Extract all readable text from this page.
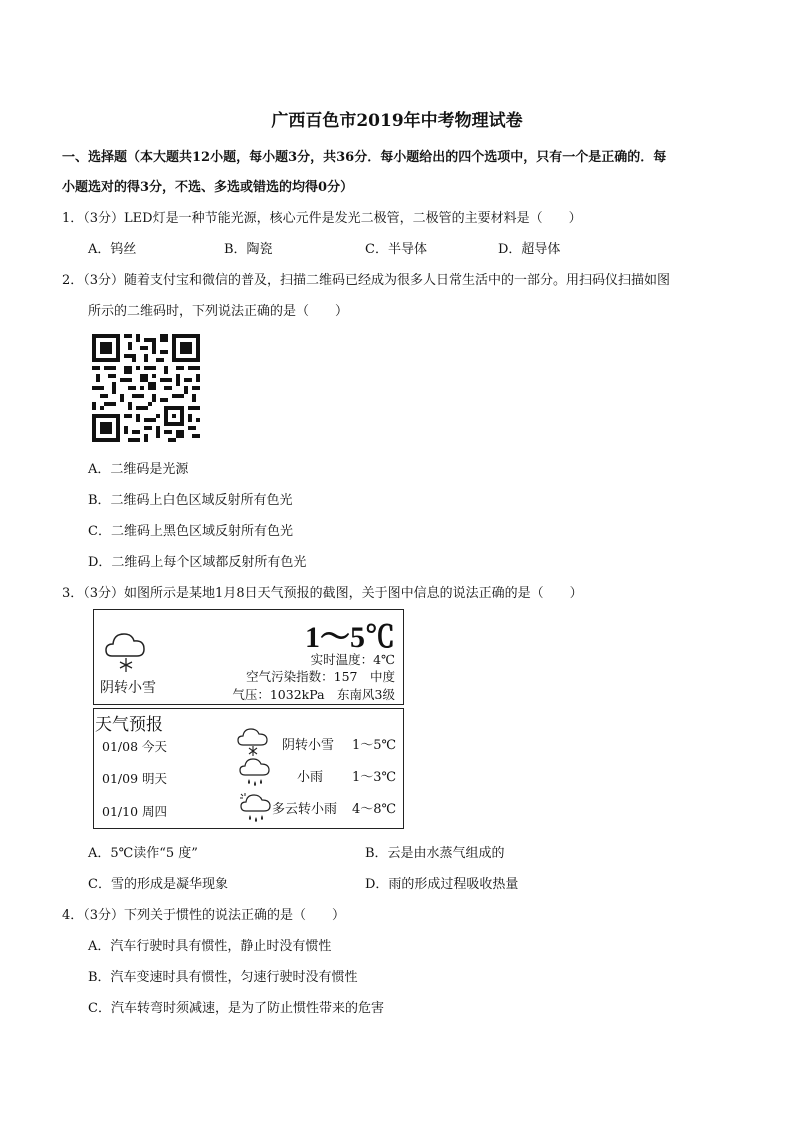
广西百色市2019年中考物理试卷
一、选择题（本大题共12小题，每小题3分，共36分．每小题给出的四个选项中，只有一个是正确的．每
小题选对的得3分，不选、多选或错选的均得0分）
1．（3分）LED灯是一种节能光源，核心元件是发光二极管，二极管的主要材料是（　　）
A．钨丝	B．陶瓷	C．半导体	D．超导体
2．（3分）随着支付宝和微信的普及，扫描二维码已经成为很多人日常生活中的一部分。用扫码仪扫描如图
所示的二维码时，下列说法正确的是（　　）
A．二维码是光源
B．二维码上白色区域反射所有色光
C．二维码上黑色区域反射所有色光
D．二维码上每个区域都反射所有色光
3．（3分）如图所示是某地1月8日天气预报的截图，关于图中信息的说法正确的是（　　）
阴转小雪
1～5℃
实时温度：4℃
空气污染指数：157　中度
气压：1032kPa　东南风3级
天气预报
01/08 今天	阴转小雪 1～5℃
01/09 明天	小雨 1～3℃
01/10 周四	多云转小雨 4～8℃
A．5℃读作“5 度”	B．云是由水蒸气组成的
C．雪的形成是凝华现象	D．雨的形成过程吸收热量
4．（3分）下列关于惯性的说法正确的是（　　）
A．汽车行驶时具有惯性，静止时没有惯性
B．汽车变速时具有惯性，匀速行驶时没有惯性
C．汽车转弯时须减速，是为了防止惯性带来的危害
